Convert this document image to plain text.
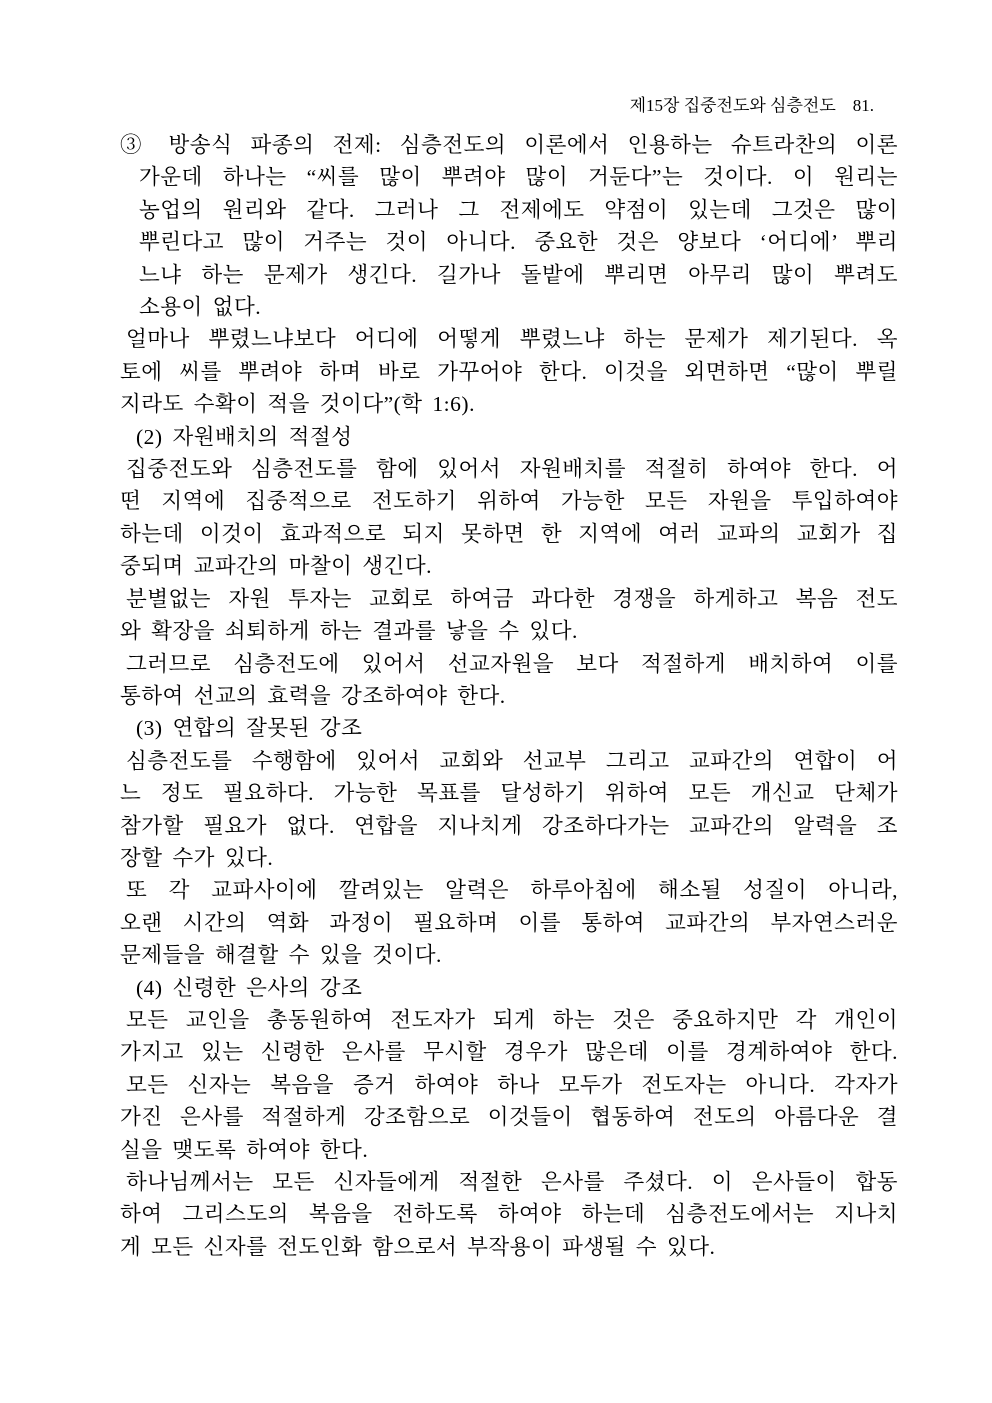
제15장 집중전도와 심층전도 81.
③ 방송식 파종의 전제: 심층전도의 이론에서 인용하는 슈트라찬의 이론
가운데 하나는 “씨를 많이 뿌려야 많이 거둔다”는 것이다. 이 원리는
농업의 원리와 같다. 그러나 그 전제에도 약점이 있는데 그것은 많이
뿌린다고 많이 거주는 것이 아니다. 중요한 것은 양보다 ‘어디에’ 뿌리
느냐 하는 문제가 생긴다. 길가나 돌밭에 뿌리면 아무리 많이 뿌려도
소용이 없다.
얼마나 뿌렸느냐보다 어디에 어떻게 뿌렸느냐 하는 문제가 제기된다. 옥
토에 씨를 뿌려야 하며 바로 가꾸어야 한다. 이것을 외면하면 “많이 뿌릴
지라도 수확이 적을 것이다”(학 1:6).
(2) 자원배치의 적절성
집중전도와 심층전도를 함에 있어서 자원배치를 적절히 하여야 한다. 어
떤 지역에 집중적으로 전도하기 위하여 가능한 모든 자원을 투입하여야
하는데 이것이 효과적으로 되지 못하면 한 지역에 여러 교파의 교회가 집
중되며 교파간의 마찰이 생긴다.
분별없는 자원 투자는 교회로 하여금 과다한 경쟁을 하게하고 복음 전도
와 확장을 쇠퇴하게 하는 결과를 낳을 수 있다.
그러므로 심층전도에 있어서 선교자원을 보다 적절하게 배치하여 이를
통하여 선교의 효력을 강조하여야 한다.
(3) 연합의 잘못된 강조
심층전도를 수행함에 있어서 교회와 선교부 그리고 교파간의 연합이 어
느 정도 필요하다. 가능한 목표를 달성하기 위하여 모든 개신교 단체가
참가할 필요가 없다. 연합을 지나치게 강조하다가는 교파간의 알력을 조
장할 수가 있다.
또 각 교파사이에 깔려있는 알력은 하루아침에 해소될 성질이 아니라,
오랜 시간의 역화 과정이 필요하며 이를 통하여 교파간의 부자연스러운
문제들을 해결할 수 있을 것이다.
(4) 신령한 은사의 강조
모든 교인을 총동원하여 전도자가 되게 하는 것은 중요하지만 각 개인이
가지고 있는 신령한 은사를 무시할 경우가 많은데 이를 경계하여야 한다.
모든 신자는 복음을 증거 하여야 하나 모두가 전도자는 아니다. 각자가
가진 은사를 적절하게 강조함으로 이것들이 협동하여 전도의 아름다운 결
실을 맺도록 하여야 한다.
하나님께서는 모든 신자들에게 적절한 은사를 주셨다. 이 은사들이 합동
하여 그리스도의 복음을 전하도록 하여야 하는데 심층전도에서는 지나치
게 모든 신자를 전도인화 함으로서 부작용이 파생될 수 있다.
